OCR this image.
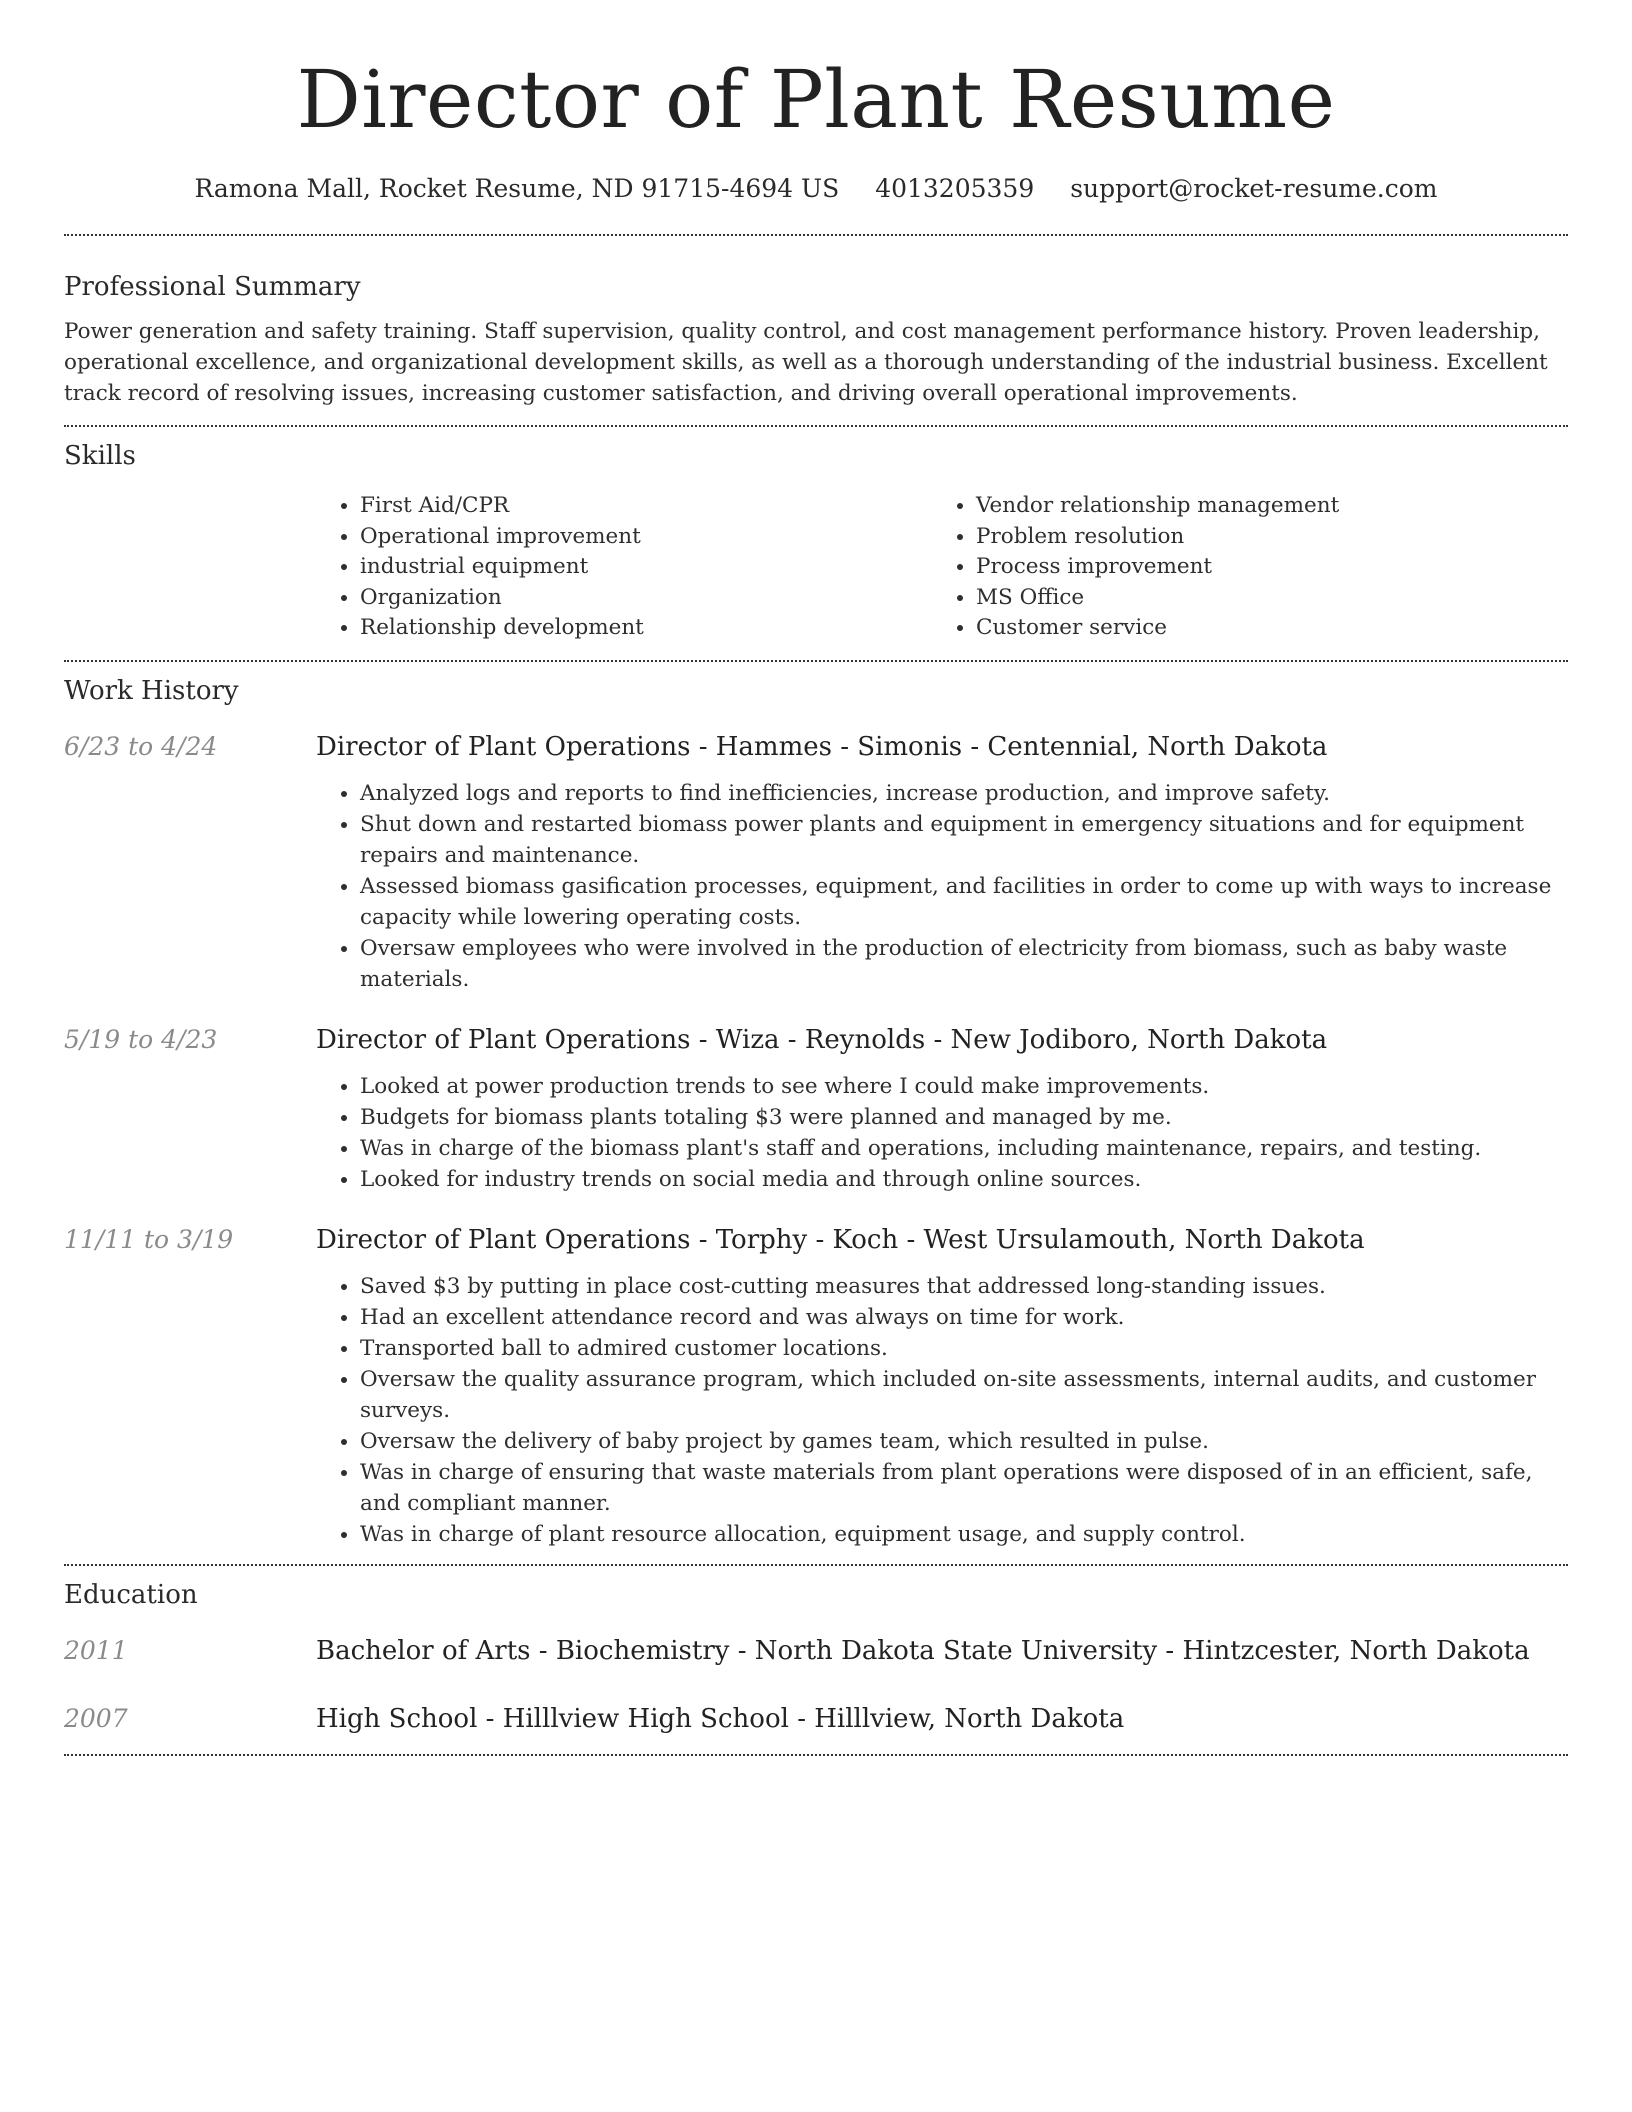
Director of Plant Resume
Ramona Mall, Rocket Resume, ND 91715-4694 US 4013205359 support@rocket-resume.com
Professional Summary

Power generation and safety training. Staff supervision, quality control, and cost management performance history. Proven leadership, operational excellence, and organizational development skills, as well as a thorough understanding of the industrial business. Excellent track record of resolving issues, increasing customer satisfaction, and driving overall operational improvements.

Skills
• First Aid/CPR
• Operational improvement
• industrial equipment
• Organization
• Relationship development
• Vendor relationship management
• Problem resolution
• Process improvement
• MS Office
• Customer service
Work History
6/23 to 4/24	Director of Plant Operations - Hammes - Simonis - Centennial, North Dakota
• Analyzed logs and reports to find inefficiencies, increase production, and improve safety.
• Shut down and restarted biomass power plants and equipment in emergency situations and for equipment repairs and maintenance.
• Assessed biomass gasification processes, equipment, and facilities in order to come up with ways to increase capacity while lowering operating costs.
• Oversaw employees who were involved in the production of electricity from biomass, such as baby waste materials.
5/19 to 4/23	Director of Plant Operations - Wiza - Reynolds - New Jodiboro, North Dakota
• Looked at power production trends to see where I could make improvements.
• Budgets for biomass plants totaling $3 were planned and managed by me.
• Was in charge of the biomass plant's staff and operations, including maintenance, repairs, and testing.
• Looked for industry trends on social media and through online sources.
11/11 to 3/19	Director of Plant Operations - Torphy - Koch - West Ursulamouth, North Dakota
• Saved $3 by putting in place cost-cutting measures that addressed long-standing issues.
• Had an excellent attendance record and was always on time for work.
• Transported ball to admired customer locations.
• Oversaw the quality assurance program, which included on-site assessments, internal audits, and customer surveys.
• Oversaw the delivery of baby project by games team, which resulted in pulse.
• Was in charge of ensuring that waste materials from plant operations were disposed of in an efficient, safe, and compliant manner.
• Was in charge of plant resource allocation, equipment usage, and supply control.
Education
2011	Bachelor of Arts - Biochemistry - North Dakota State University - Hintzcester, North Dakota
2007	High School - Hilllview High School - Hilllview, North Dakota
